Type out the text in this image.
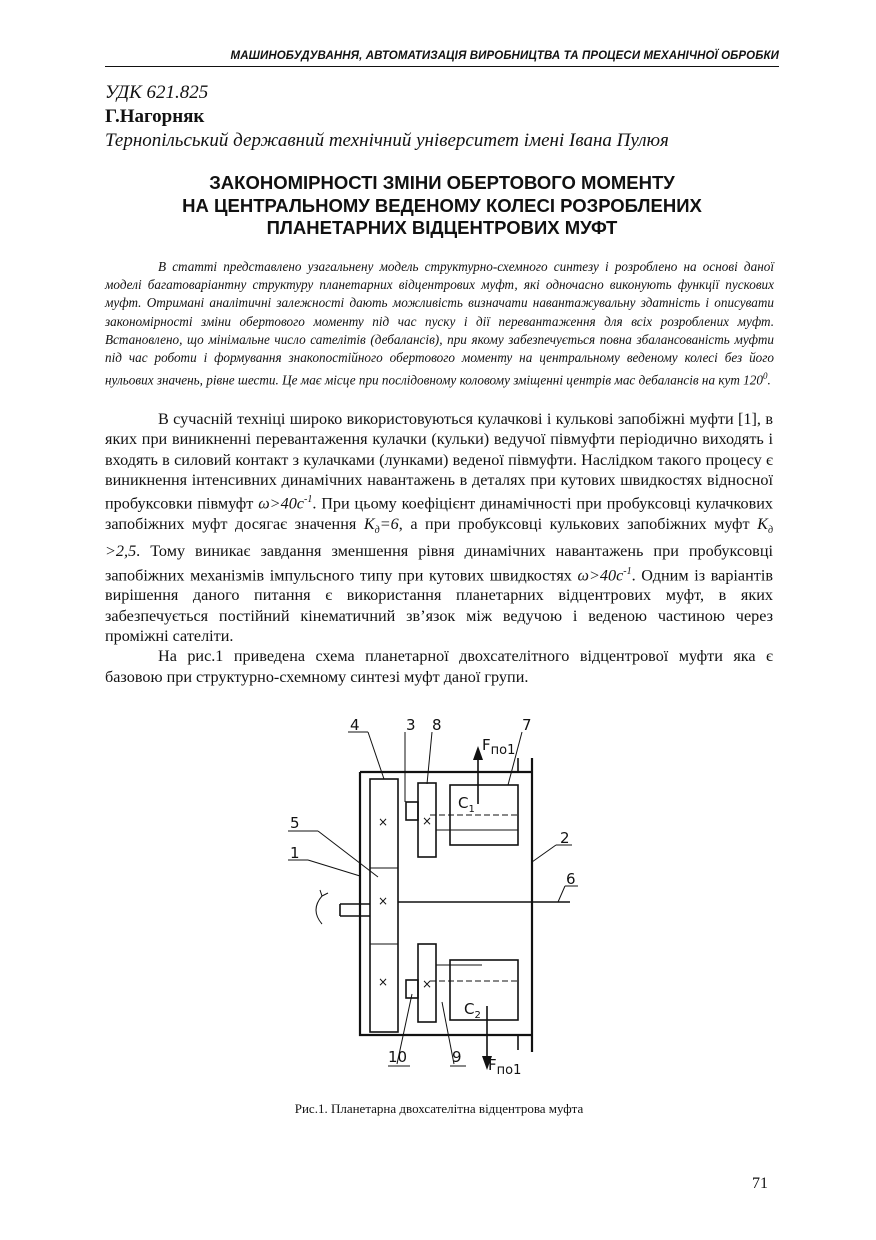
МАШИНОБУДУВАННЯ, АВТОМАТИЗАЦІЯ ВИРОБНИЦТВА ТА ПРОЦЕСИ МЕХАНІЧНОЇ ОБРОБКИ
УДК 621.825
Г.Нагорняк
Тернопільський державний технічний університет імені Івана Пулюя
ЗАКОНОМІРНОСТІ ЗМІНИ ОБЕРТОВОГО МОМЕНТУ
НА ЦЕНТРАЛЬНОМУ ВЕДЕНОМУ КОЛЕСІ РОЗРОБЛЕНИХ
ПЛАНЕТАРНИХ ВІДЦЕНТРОВИХ МУФТ
В статті представлено узагальнену модель структурно-схемного синтезу і розроблено на основі даної моделі багатоваріантну структуру планетарних відцентрових муфт, які одночасно виконують функції пускових муфт. Отримані аналітичні залежності дають можливість визначати навантажувальну здатність і описувати закономірності зміни обертового моменту під час пуску і дії перевантаження для всіх розроблених муфт. Встановлено, що мінімальне число сателітів (дебалансів), при якому забезпечується повна збалансованість муфти під час роботи і формування знакопостійного обертового моменту на центральному веденому колесі без його нульових значень, рівне шести. Це має місце при послідовному коловому зміщенні центрів мас дебалансів на кут $120^0$.

В сучасній техніці широко використовуються кулачкові і кулькові запобіжні муфти [1], в яких при виникненні перевантаження кулачки (кульки) ведучої півмуфти періодично виходять і входять в силовий контакт з кулачками (лунками) веденої півмуфти. Наслідком такого процесу є виникнення інтенсивних динамічних навантажень в деталях при кутових швидкостях відносної пробуксовки півмуфт $\omega>40с^{-1}$. При цьому коефіцієнт динамічності при пробуксовці кулачкових запобіжних муфт досягає значення $K_д=6$, а при пробуксовці кулькових запобіжних муфт $K_д >2,5$. Тому виникає завдання зменшення рівня динамічних навантажень при пробуксовці запобіжних механізмів імпульсного типу при кутових швидкостях $\omega>40с^{-1}$. Одним із варіантів вирішення даного питання є використання планетарних відцентрових муфт, в яких забезпечується постійний кінематичний зв’язок між ведучою і веденою частиною через проміжні сателіти.

На рис.1 приведена схема планетарної двохсателітного відцентрової муфти яка є базовою при структурно-схемному синтезі муфт даної групи.

×
×
×
×
×
$C_1$
$C_2$
Fпо1
Fпо1
4	3 8	7
5
1
2
6
10	9
Рис.1. Планетарна двохсателітна відцентрова муфта
71
